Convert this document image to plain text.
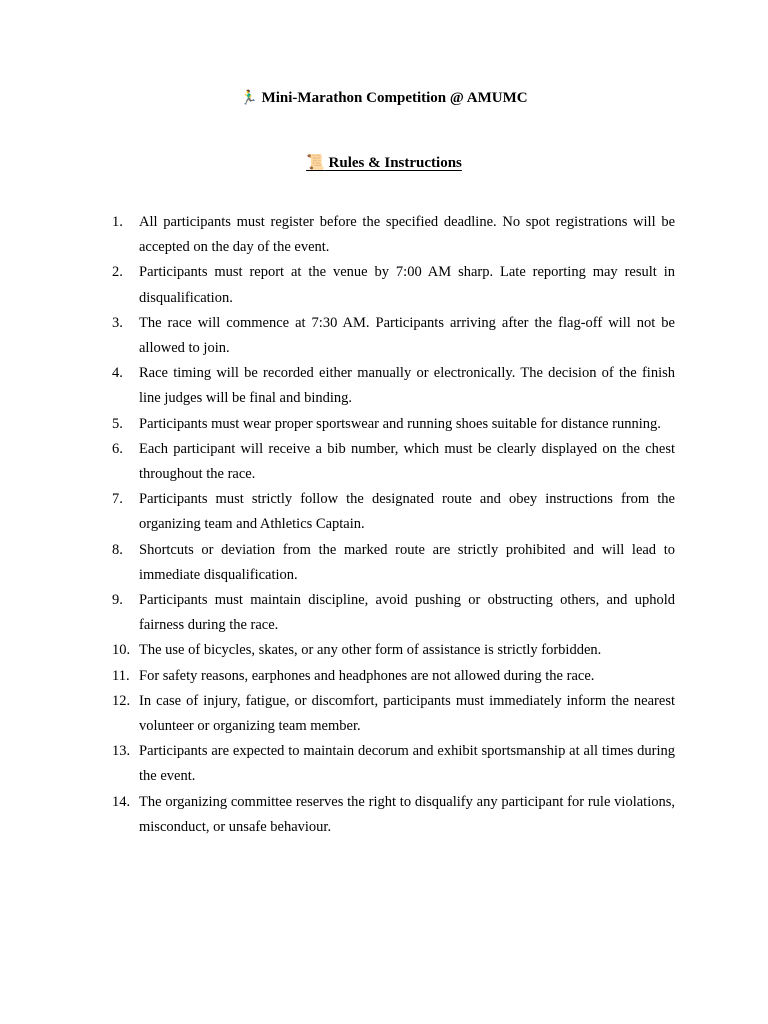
🏃‍♂️ Mini-Marathon Competition @ AMUMC
📜 Rules & Instructions
1.	All participants must register before the specified deadline. No spot registrations will be accepted on the day of the event.
2.	Participants must report at the venue by 7:00 AM sharp. Late reporting may result in disqualification.
3.	The race will commence at 7:30 AM. Participants arriving after the flag-off will not be allowed to join.
4.	Race timing will be recorded either manually or electronically. The decision of the finish line judges will be final and binding.
5.	Participants must wear proper sportswear and running shoes suitable for distance running.
6.	Each participant will receive a bib number, which must be clearly displayed on the chest throughout the race.
7.	Participants must strictly follow the designated route and obey instructions from the organizing team and Athletics Captain.
8.	Shortcuts or deviation from the marked route are strictly prohibited and will lead to immediate disqualification.
9.	Participants must maintain discipline, avoid pushing or obstructing others, and uphold fairness during the race.
10. The use of bicycles, skates, or any other form of assistance is strictly forbidden.
11. For safety reasons, earphones and headphones are not allowed during the race.
12. In case of injury, fatigue, or discomfort, participants must immediately inform the nearest volunteer or organizing team member.
13. Participants are expected to maintain decorum and exhibit sportsmanship at all times during the event.
14. The organizing committee reserves the right to disqualify any participant for rule violations, misconduct, or unsafe behaviour.
